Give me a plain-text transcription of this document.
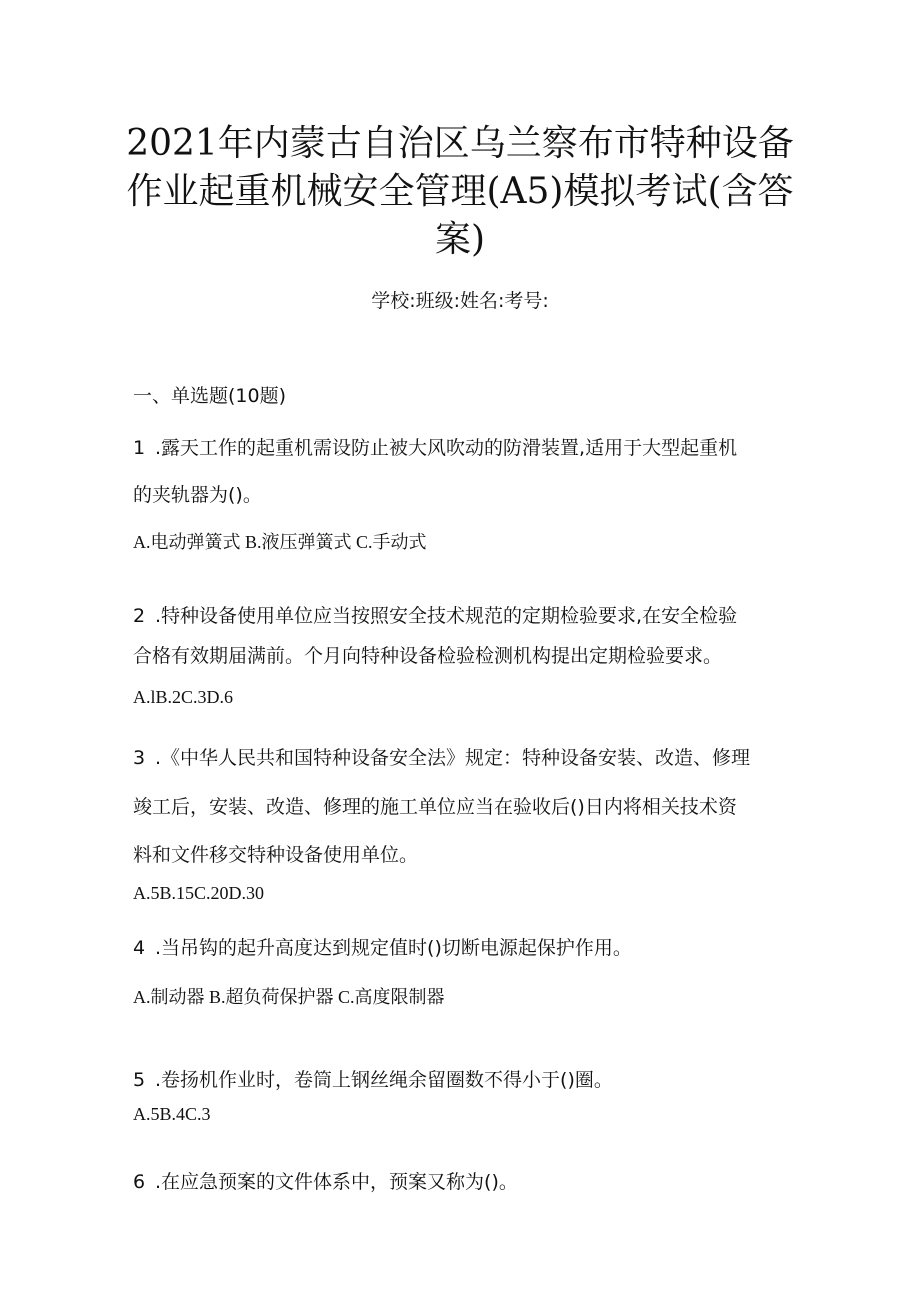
2021年内蒙古自治区乌兰察布市特种设备
作业起重机械安全管理(A5)模拟考试(含答
案)
学校:班级:姓名:考号:
一、单选题(10题)
1 .露天工作的起重机需设防止被大风吹动的防滑装置,适用于大型起重机
的夹轨器为()。
A.电动弹簧式 B.液压弹簧式 C.手动式
2 .特种设备使用单位应当按照安全技术规范的定期检验要求,在安全检验
合格有效期届满前。个月向特种设备检验检测机构提出定期检验要求。
A.lB.2C.3D.6
3 .《中华人民共和国特种设备安全法》规定：特种设备安装、改造、修理
竣工后，安装、改造、修理的施工单位应当在验收后()日内将相关技术资
料和文件移交特种设备使用单位。
A.5B.15C.20D.30
4 .当吊钩的起升高度达到规定值时()切断电源起保护作用。
A.制动器 B.超负荷保护器 C.高度限制器
5 .卷扬机作业时，卷筒上钢丝绳余留圈数不得小于()圈。
A.5B.4C.3
6 .在应急预案的文件体系中，预案又称为()。
